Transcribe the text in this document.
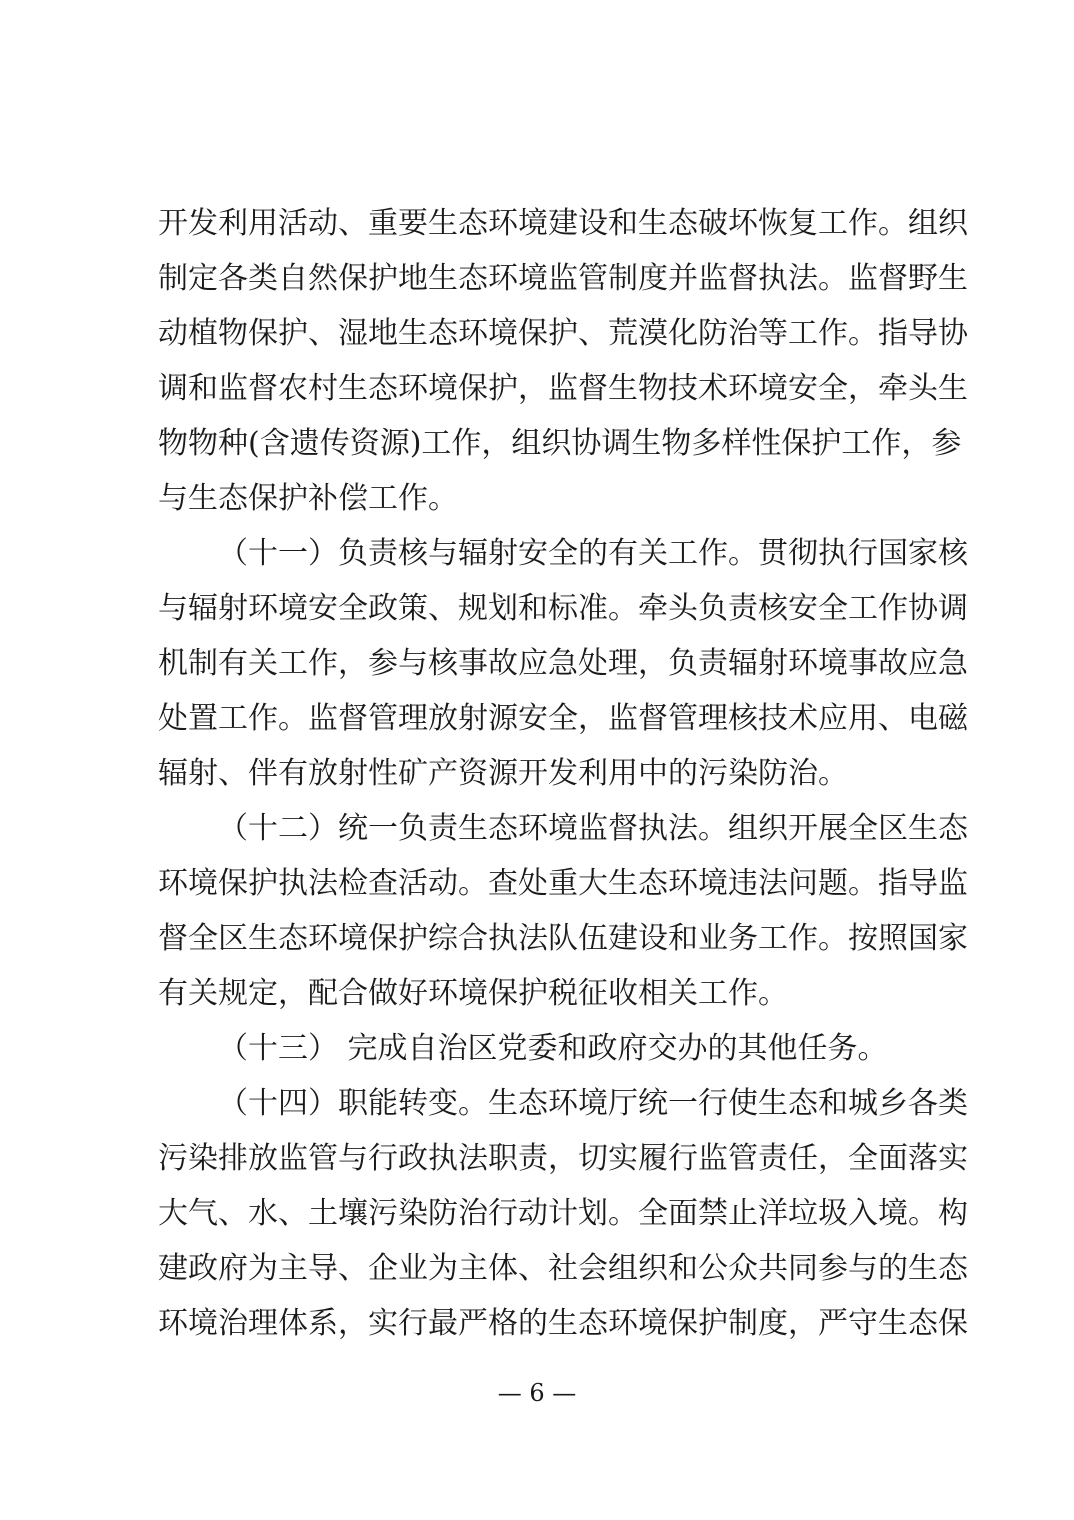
开发利用活动、重要生态环境建设和生态破坏恢复工作。组织
制定各类自然保护地生态环境监管制度并监督执法。监督野生
动植物保护、湿地生态环境保护、荒漠化防治等工作。指导协
调和监督农村生态环境保护，监督生物技术环境安全，牵头生
物物种(含遗传资源)工作，组织协调生物多样性保护工作，参
与生态保护补偿工作。
（十一）负责核与辐射安全的有关工作。贯彻执行国家核
与辐射环境安全政策、规划和标准。牵头负责核安全工作协调
机制有关工作，参与核事故应急处理，负责辐射环境事故应急
处置工作。监督管理放射源安全，监督管理核技术应用、电磁
辐射、伴有放射性矿产资源开发利用中的污染防治。
（十二）统一负责生态环境监督执法。组织开展全区生态
环境保护执法检查活动。查处重大生态环境违法问题。指导监
督全区生态环境保护综合执法队伍建设和业务工作。按照国家
有关规定，配合做好环境保护税征收相关工作。
（十三） 完成自治区党委和政府交办的其他任务。
（十四）职能转变。生态环境厅统一行使生态和城乡各类
污染排放监管与行政执法职责，切实履行监管责任，全面落实
大气、水、土壤污染防治行动计划。全面禁止洋垃圾入境。构
建政府为主导、企业为主体、社会组织和公众共同参与的生态
环境治理体系，实行最严格的生态环境保护制度，严守生态保
— 6 —
